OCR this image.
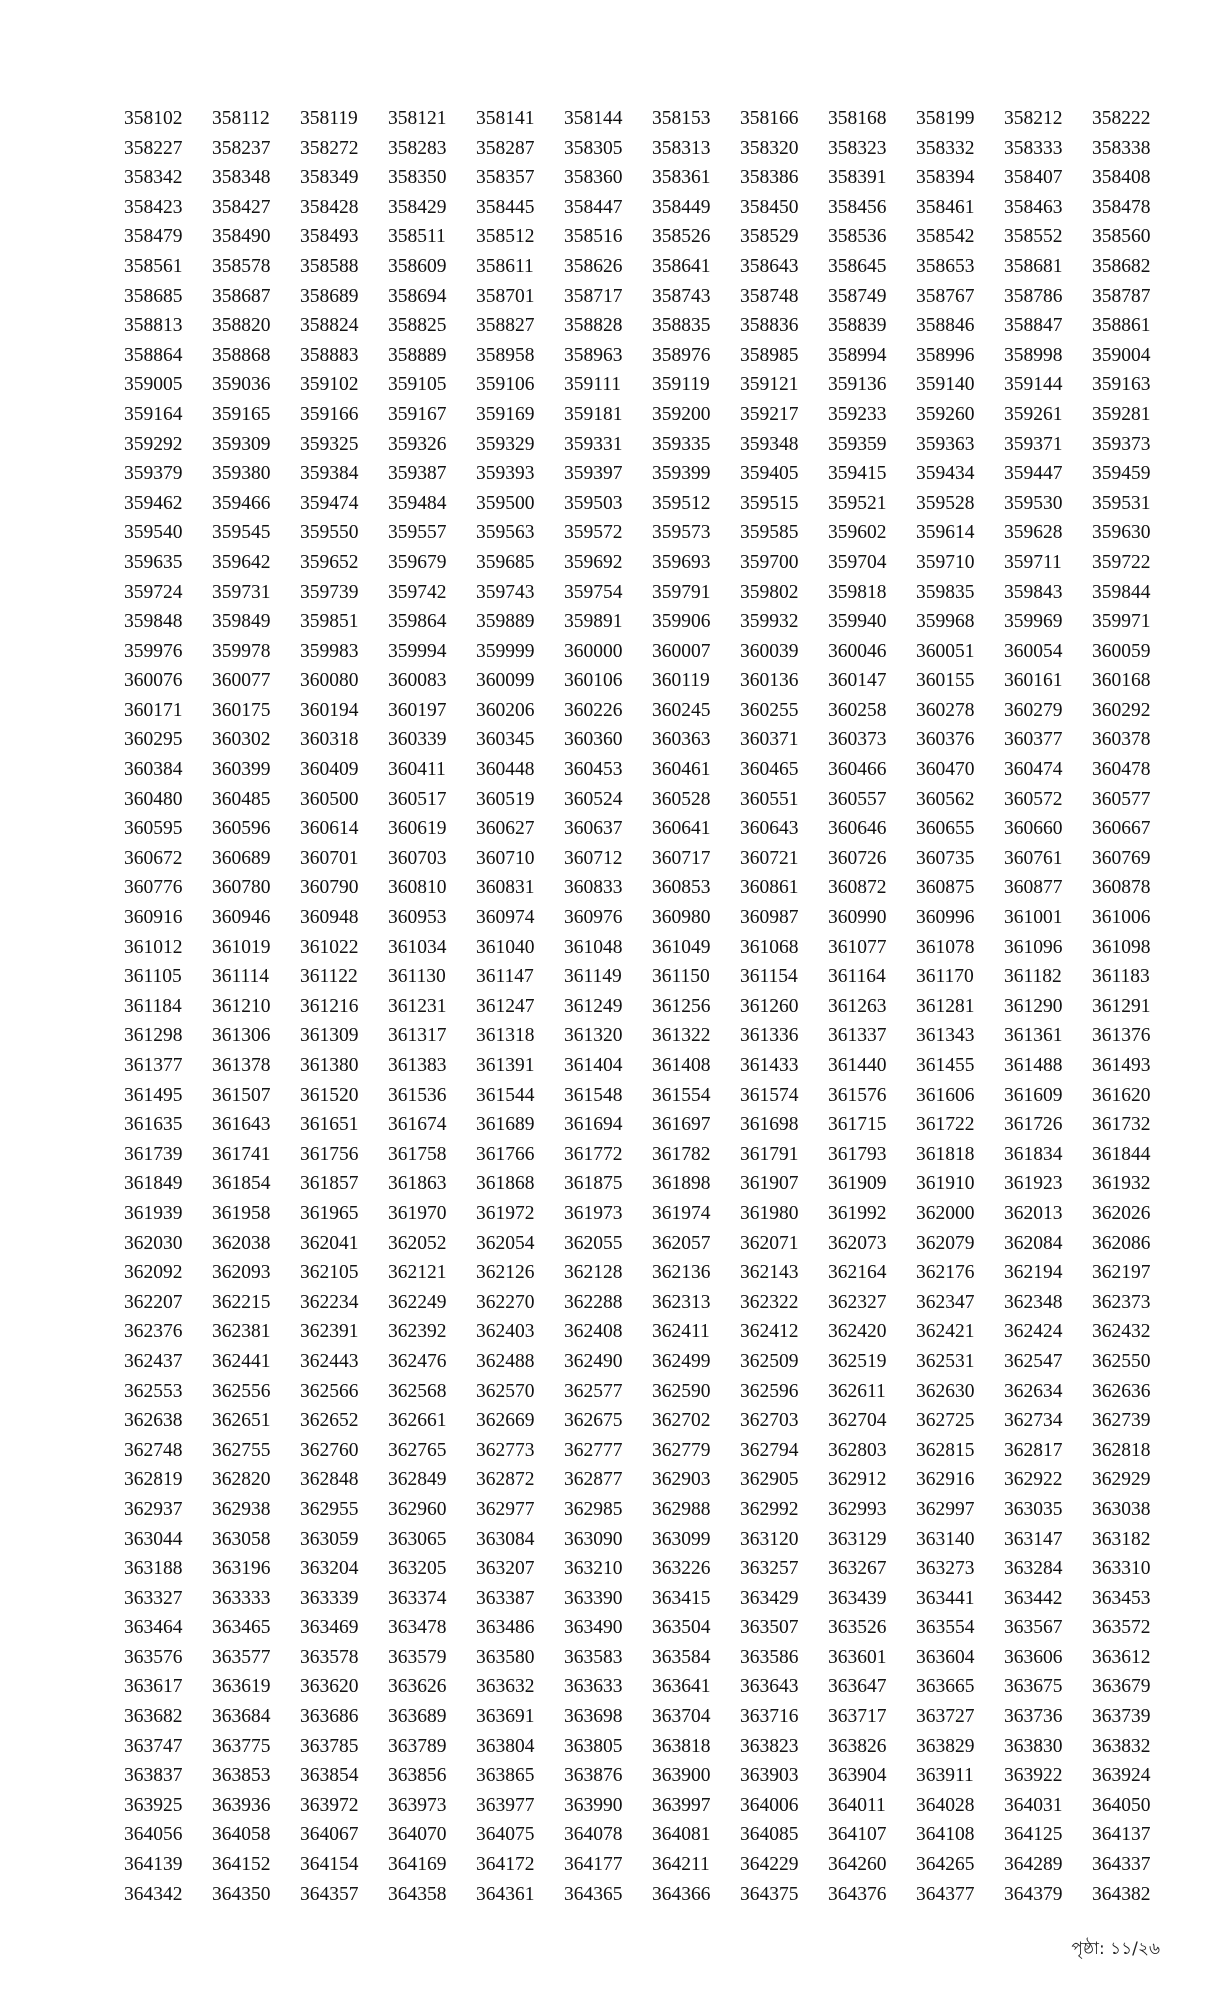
358102	358112	358119	358121	358141	358144	358153	358166	358168	358199	358212	358222
358227	358237	358272	358283	358287	358305	358313	358320	358323	358332	358333	358338
358342	358348	358349	358350	358357	358360	358361	358386	358391	358394	358407	358408
358423	358427	358428	358429	358445	358447	358449	358450	358456	358461	358463	358478
358479	358490	358493	358511	358512	358516	358526	358529	358536	358542	358552	358560
358561	358578	358588	358609	358611	358626	358641	358643	358645	358653	358681	358682
358685	358687	358689	358694	358701	358717	358743	358748	358749	358767	358786	358787
358813	358820	358824	358825	358827	358828	358835	358836	358839	358846	358847	358861
358864	358868	358883	358889	358958	358963	358976	358985	358994	358996	358998	359004
359005	359036	359102	359105	359106	359111	359119	359121	359136	359140	359144	359163
359164	359165	359166	359167	359169	359181	359200	359217	359233	359260	359261	359281
359292	359309	359325	359326	359329	359331	359335	359348	359359	359363	359371	359373
359379	359380	359384	359387	359393	359397	359399	359405	359415	359434	359447	359459
359462	359466	359474	359484	359500	359503	359512	359515	359521	359528	359530	359531
359540	359545	359550	359557	359563	359572	359573	359585	359602	359614	359628	359630
359635	359642	359652	359679	359685	359692	359693	359700	359704	359710	359711	359722
359724	359731	359739	359742	359743	359754	359791	359802	359818	359835	359843	359844
359848	359849	359851	359864	359889	359891	359906	359932	359940	359968	359969	359971
359976	359978	359983	359994	359999	360000	360007	360039	360046	360051	360054	360059
360076	360077	360080	360083	360099	360106	360119	360136	360147	360155	360161	360168
360171	360175	360194	360197	360206	360226	360245	360255	360258	360278	360279	360292
360295	360302	360318	360339	360345	360360	360363	360371	360373	360376	360377	360378
360384	360399	360409	360411	360448	360453	360461	360465	360466	360470	360474	360478
360480	360485	360500	360517	360519	360524	360528	360551	360557	360562	360572	360577
360595	360596	360614	360619	360627	360637	360641	360643	360646	360655	360660	360667
360672	360689	360701	360703	360710	360712	360717	360721	360726	360735	360761	360769
360776	360780	360790	360810	360831	360833	360853	360861	360872	360875	360877	360878
360916	360946	360948	360953	360974	360976	360980	360987	360990	360996	361001	361006
361012	361019	361022	361034	361040	361048	361049	361068	361077	361078	361096	361098
361105	361114	361122	361130	361147	361149	361150	361154	361164	361170	361182	361183
361184	361210	361216	361231	361247	361249	361256	361260	361263	361281	361290	361291
361298	361306	361309	361317	361318	361320	361322	361336	361337	361343	361361	361376
361377	361378	361380	361383	361391	361404	361408	361433	361440	361455	361488	361493
361495	361507	361520	361536	361544	361548	361554	361574	361576	361606	361609	361620
361635	361643	361651	361674	361689	361694	361697	361698	361715	361722	361726	361732
361739	361741	361756	361758	361766	361772	361782	361791	361793	361818	361834	361844
361849	361854	361857	361863	361868	361875	361898	361907	361909	361910	361923	361932
361939	361958	361965	361970	361972	361973	361974	361980	361992	362000	362013	362026
362030	362038	362041	362052	362054	362055	362057	362071	362073	362079	362084	362086
362092	362093	362105	362121	362126	362128	362136	362143	362164	362176	362194	362197
362207	362215	362234	362249	362270	362288	362313	362322	362327	362347	362348	362373
362376	362381	362391	362392	362403	362408	362411	362412	362420	362421	362424	362432
362437	362441	362443	362476	362488	362490	362499	362509	362519	362531	362547	362550
362553	362556	362566	362568	362570	362577	362590	362596	362611	362630	362634	362636
362638	362651	362652	362661	362669	362675	362702	362703	362704	362725	362734	362739
362748	362755	362760	362765	362773	362777	362779	362794	362803	362815	362817	362818
362819	362820	362848	362849	362872	362877	362903	362905	362912	362916	362922	362929
362937	362938	362955	362960	362977	362985	362988	362992	362993	362997	363035	363038
363044	363058	363059	363065	363084	363090	363099	363120	363129	363140	363147	363182
363188	363196	363204	363205	363207	363210	363226	363257	363267	363273	363284	363310
363327	363333	363339	363374	363387	363390	363415	363429	363439	363441	363442	363453
363464	363465	363469	363478	363486	363490	363504	363507	363526	363554	363567	363572
363576	363577	363578	363579	363580	363583	363584	363586	363601	363604	363606	363612
363617	363619	363620	363626	363632	363633	363641	363643	363647	363665	363675	363679
363682	363684	363686	363689	363691	363698	363704	363716	363717	363727	363736	363739
363747	363775	363785	363789	363804	363805	363818	363823	363826	363829	363830	363832
363837	363853	363854	363856	363865	363876	363900	363903	363904	363911	363922	363924
363925	363936	363972	363973	363977	363990	363997	364006	364011	364028	364031	364050
364056	364058	364067	364070	364075	364078	364081	364085	364107	364108	364125	364137
364139	364152	364154	364169	364172	364177	364211	364229	364260	364265	364289	364337
364342	364350	364357	364358	364361	364365	364366	364375	364376	364377	364379	364382
পৃষ্ঠা: ১১/২৬
